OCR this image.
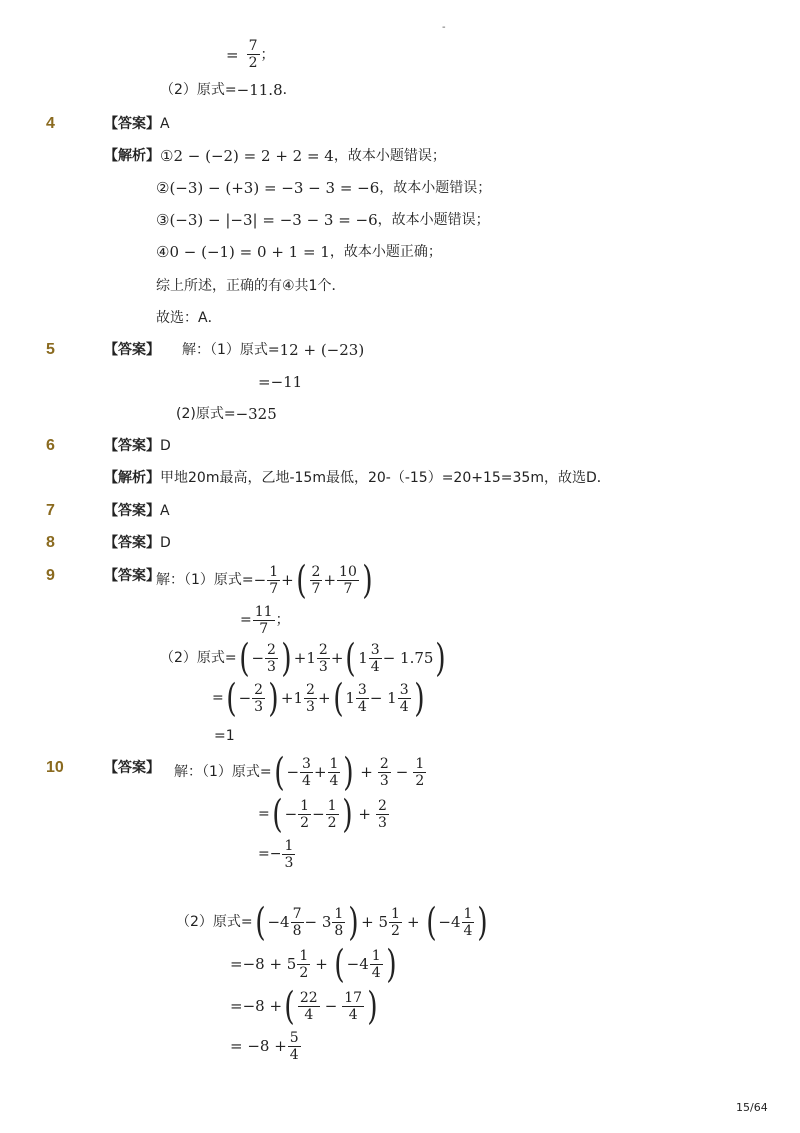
-
= $\frac{7}{2}$ ；
（2）原式= −11.8 ．
4	【答案】 A
【解析】 ①2 − (−2) = 2 + 2 = 4 ，故本小题错误；
②(−3) − (+3) = −3 − 3 = −6 ，故本小题错误；
③(−3) − |−3| = −3 − 3 = −6 ，故本小题错误；
④0 − (−1) = 0 + 1 = 1 ，故本小题正确；
综上所述，正确的有④共1个．
故选：A．
5	【答案】 解：（1）原式= 12 + (−23)
=−11
(2)原式= −325
6	【答案】 D
【解析】 甲地20m最高，乙地-15m最低，20-（-15）=20+15=35m，故选D．
7	【答案】 A
8	【答案】 D
9	【答案】
解：（1）原式= − $\frac{1}{7}$ + ( $\frac{2}{7} + \frac{10}{7}$ )
= $\frac{11}{7}$ ；
（2）原式= ( − $\frac{2}{3}$ ) $+1 \frac{2}{3}$ + ( $1 \frac{3}{4} - 1.75$ )
= ( − $\frac{2}{3}$ ) $+1 \frac{2}{3}$ + ( $1 \frac{3}{4} - 1 \frac{3}{4}$ )
=1
10	【答案】 解：（1）原式= ( − $\frac{3}{4} + \frac{1}{4}$ ) + $\frac{2}{3} - \frac{1}{2}$
= ( − $\frac{1}{2} - \frac{1}{2}$ ) + $\frac{2}{3}$
=− $\frac{1}{3}$
（2）原式= ( $-4 \frac{7}{8} - 3 \frac{1}{8}$ ) + $5 \frac{1}{2}$ + ( $-4 \frac{1}{4}$ )
$=-8 + 5 \frac{1}{2}$ + ( $-4 \frac{1}{4}$ )
=−8 + ( $\frac{22}{4} - \frac{17}{4}$ )
= $-8 + \frac{5}{4}$
15/64
